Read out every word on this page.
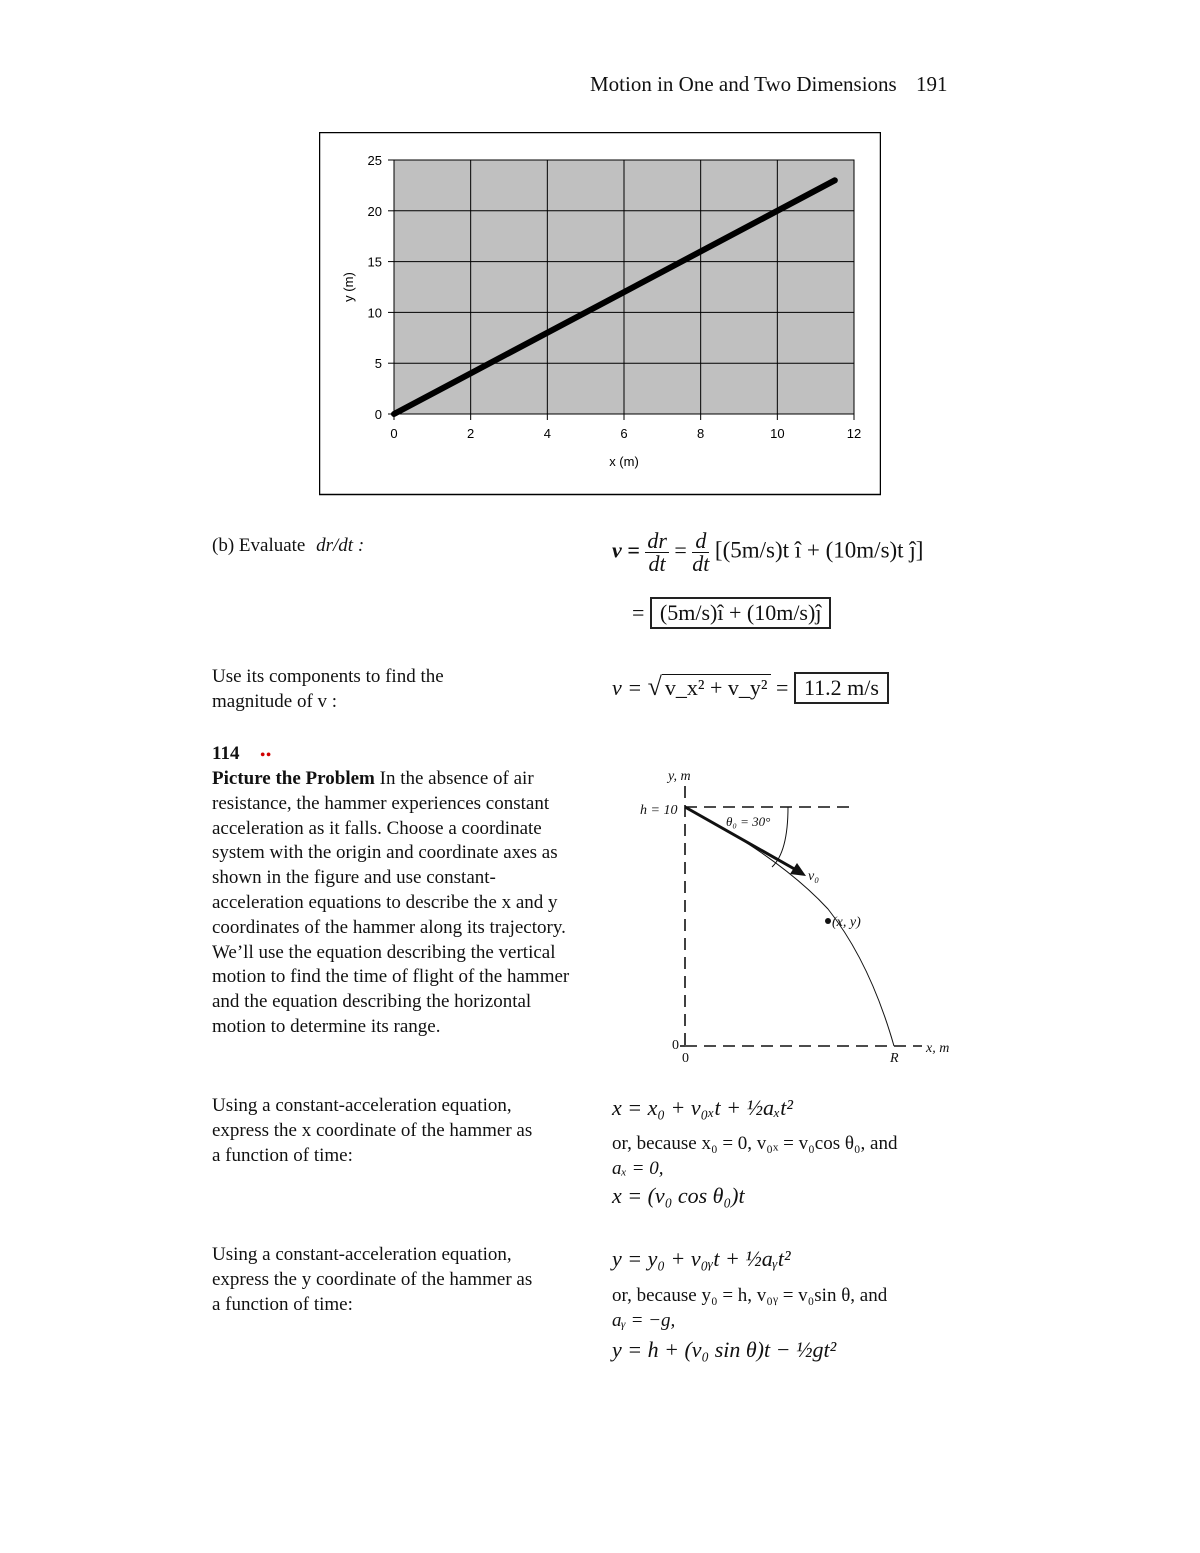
Motion in One and Two Dimensions 191
0	2	4	6	8	10	12
0
5
10
15
20
25
x (m)
y (m)
(b) Evaluate dr/dt :	$v = \frac{dr}{dt} = \frac{d}{dt} [(5m/s)t$ î + (10m/s)t ĵ]
= (5m/s)î + (10m/s)ĵ
Use its components to find the magnitude of v :
v = √ v_x² + v_y² = 11.2 m/s
114 ••
Picture the Problem In the absence of air resistance, the hammer experiences constant acceleration as it falls. Choose a coordinate system with the origin and coordinate axes as shown in the figure and use constant-acceleration equations to describe the x and y coordinates of the hammer along its trajectory. We’ll use the equation describing the vertical motion to find the time of flight of the hammer and the equation describing the horizontal motion to determine its range.
y, m
h = 10
θ₀ = 30°
v₀
(x, y)
0
0	R
x, m
Using a constant-acceleration equation, express the x coordinate of the hammer as a function of time:
x = x₀ + v₀ₓt + ½aₓt²
or, because x₀ = 0, v₀ₓ = v₀cos θ₀, and
aₓ = 0,
x = (v₀ cos θ₀)t
Using a constant-acceleration equation, express the y coordinate of the hammer as a function of time:
y = y₀ + v₀ᵧt + ½aᵧt²
or, because y₀ = h, v₀ᵧ = v₀sin θ, and
aᵧ = −g,
y = h + (v₀ sin θ)t − ½gt²
